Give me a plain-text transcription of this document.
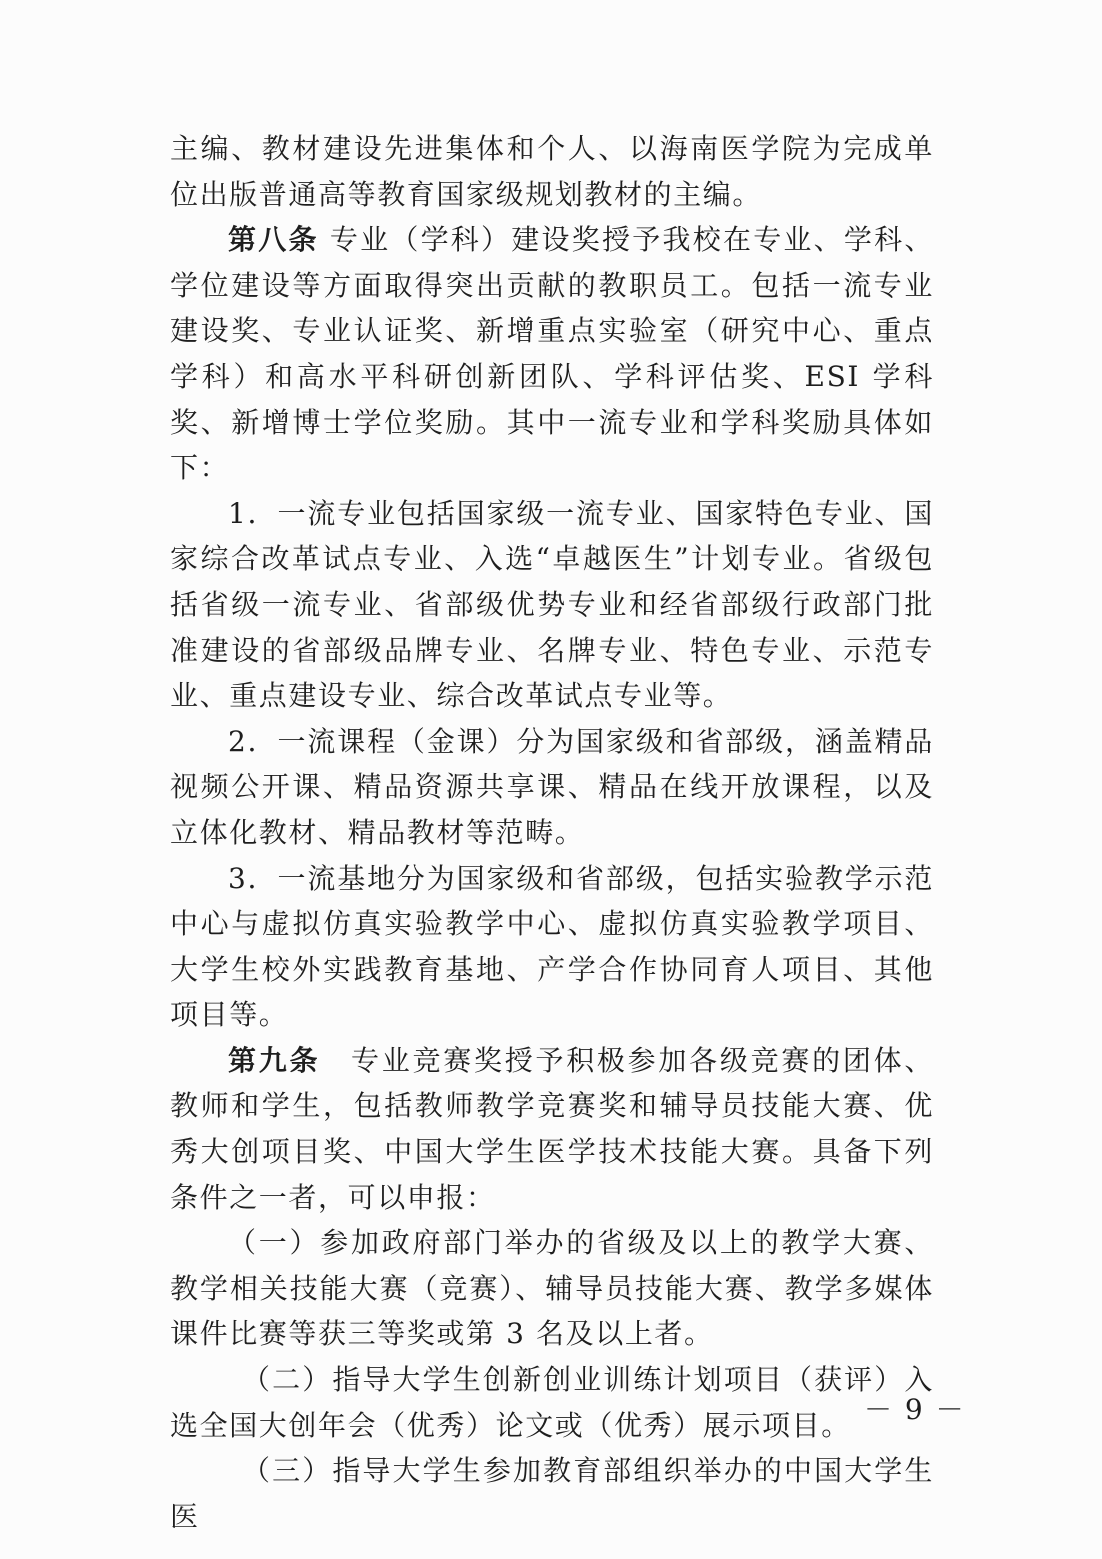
主编、教材建设先进集体和个人、以海南医学院为完成单位出版普通高等教育国家级规划教材的主编。

第八条 专业（学科）建设奖授予我校在专业、学科、学位建设等方面取得突出贡献的教职员工。包括一流专业建设奖、专业认证奖、新增重点实验室（研究中心、重点学科）和高水平科研创新团队、学科评估奖、ESI 学科奖、新增博士学位奖励。其中一流专业和学科奖励具体如下：

1．一流专业包括国家级一流专业、国家特色专业、国家综合改革试点专业、入选“卓越医生”计划专业。省级包括省级一流专业、省部级优势专业和经省部级行政部门批准建设的省部级品牌专业、名牌专业、特色专业、示范专业、重点建设专业、综合改革试点专业等。

2．一流课程（金课）分为国家级和省部级，涵盖精品视频公开课、精品资源共享课、精品在线开放课程，以及立体化教材、精品教材等范畴。

3．一流基地分为国家级和省部级，包括实验教学示范中心与虚拟仿真实验教学中心、虚拟仿真实验教学项目、大学生校外实践教育基地、产学合作协同育人项目、其他项目等。

第九条　专业竞赛奖授予积极参加各级竞赛的团体、教师和学生，包括教师教学竞赛奖和辅导员技能大赛、优秀大创项目奖、中国大学生医学技术技能大赛。具备下列条件之一者，可以申报：

（一）参加政府部门举办的省级及以上的教学大赛、教学相关技能大赛（竞赛）、辅导员技能大赛、教学多媒体课件比赛等获三等奖或第 3 名及以上者。

（二）指导大学生创新创业训练计划项目（获评）入选全国大创年会（优秀）论文或（优秀）展示项目。

（三）指导大学生参加教育部组织举办的中国大学生医

－ 9 －
